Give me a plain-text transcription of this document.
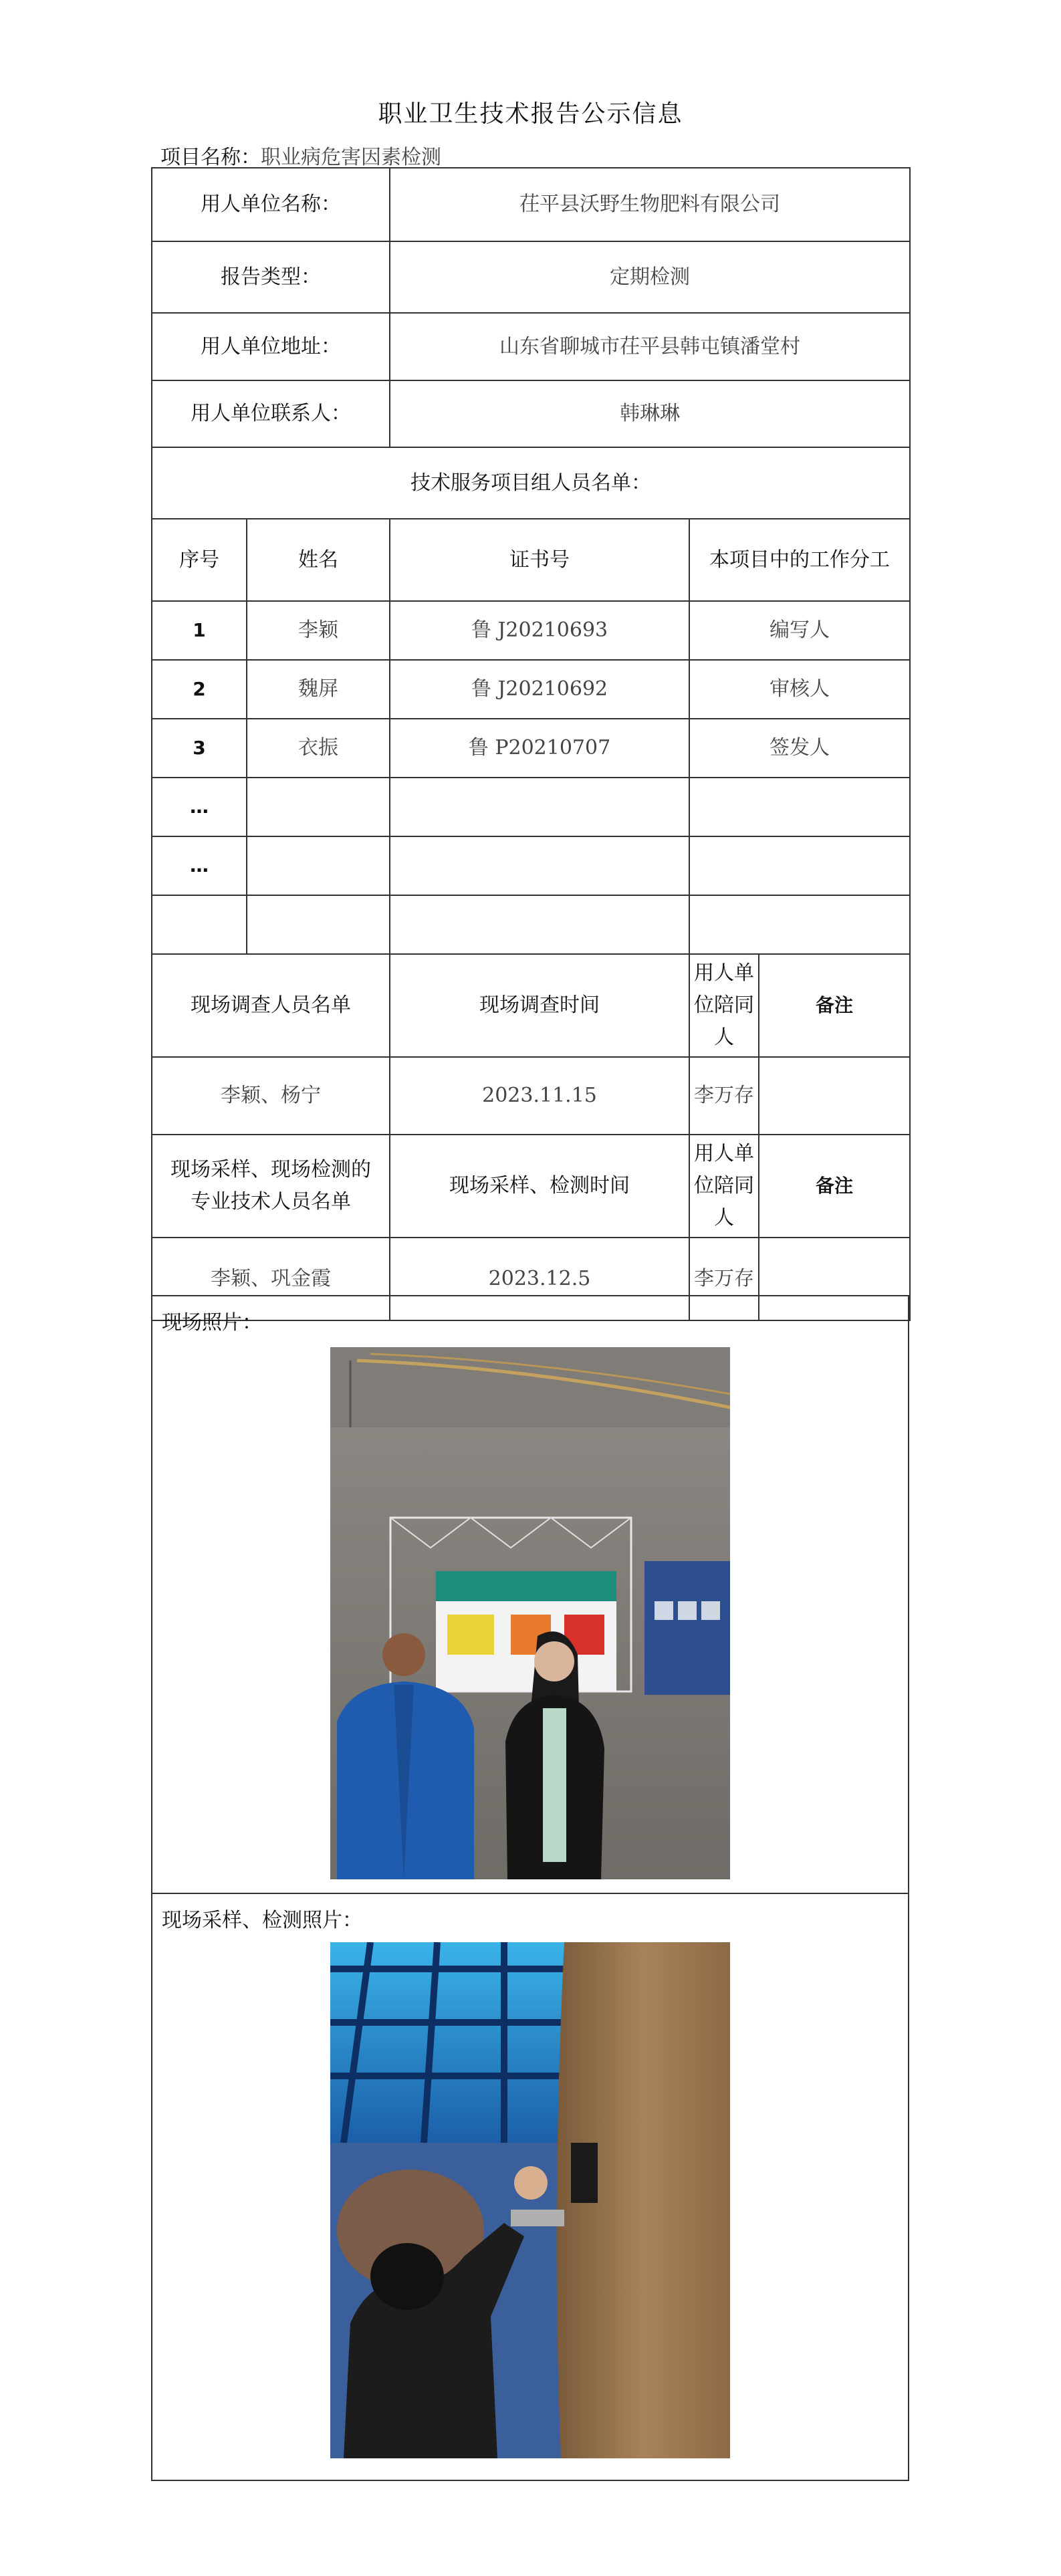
职业卫生技术报告公示信息
项目名称：职业病危害因素检测
用人单位名称：		茌平县沃野生物肥料有限公司		
报告类型：		定期检测		
用人单位地址：		山东省聊城市茌平县韩屯镇潘堂村		
用人单位联系人：		韩琳琳		
技术服务项目组人员名单：				
序号	姓名	证书号	本项目中的工作分工	
1	李颖	鲁 J20210693	编写人	
2	魏屏	鲁 J20210692	审核人	
3	衣振	鲁 P20210707	签发人	
…				
…				

现场调查人员名单		现场调查时间	用人单位陪同人	备注
李颖、杨宁		2023.11.15	李万存	
现场采样、现场检测的专业技术人员名单		现场采样、检测时间	用人单位陪同人	备注
李颖、巩金霞		2023.12.5	李万存	
现场照片：
现场采样、检测照片：
